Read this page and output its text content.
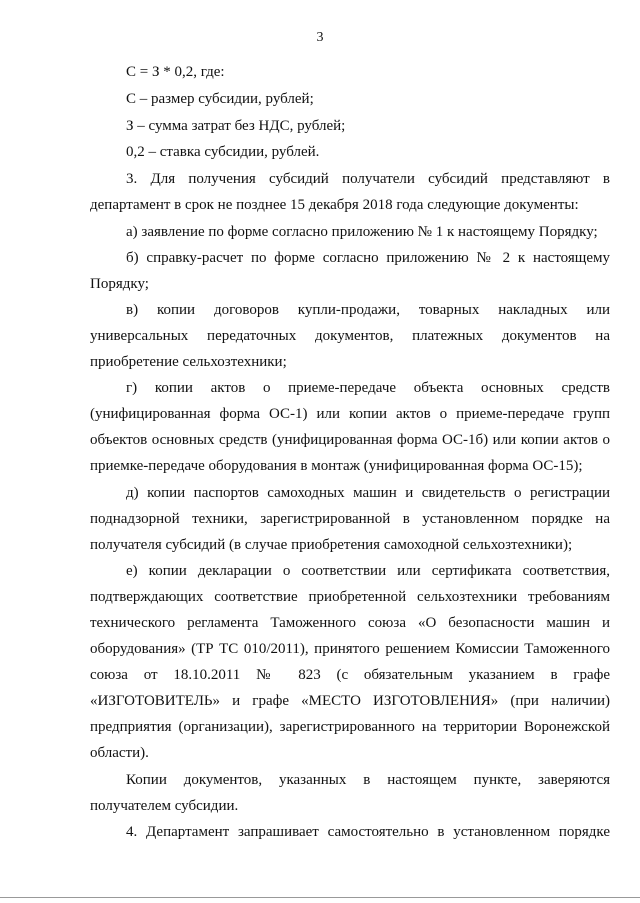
3
С = З * 0,2, где:
С – размер субсидии, рублей;
З – сумма затрат без НДС, рублей;
0,2 – ставка субсидии, рублей.
3. Для получения субсидий получатели субсидий представляют в
департамент в срок не позднее 15 декабря 2018 года следующие документы:
а) заявление по форме согласно приложению № 1 к настоящему Порядку;
б) справку-расчет по форме согласно приложению № 2 к настоящему
Порядку;
в) копии договоров купли-продажи, товарных накладных или
универсальных передаточных документов, платежных документов на
приобретение сельхозтехники;
г) копии актов о приеме-передаче объекта основных средств
(унифицированная форма ОС-1) или копии актов о приеме-передаче групп
объектов основных средств (унифицированная форма ОС-1б) или копии актов о
приемке-передаче оборудования в монтаж (унифицированная форма ОС-15);
д) копии паспортов самоходных машин и свидетельств о регистрации
поднадзорной техники, зарегистрированной в установленном порядке на
получателя субсидий (в случае приобретения самоходной сельхозтехники);
е) копии декларации о соответствии или сертификата соответствия,
подтверждающих соответствие приобретенной сельхозтехники требованиям
технического регламента Таможенного союза «О безопасности машин и
оборудования» (ТР ТС 010/2011), принятого решением Комиссии Таможенного
союза от 18.10.2011 № 823 (с обязательным указанием в графе
«ИЗГОТОВИТЕЛЬ» и графе «МЕСТО ИЗГОТОВЛЕНИЯ» (при наличии)
предприятия (организации), зарегистрированного на территории Воронежской
области).
Копии документов, указанных в настоящем пункте, заверяются
получателем субсидии.
4. Департамент запрашивает самостоятельно в установленном порядке
